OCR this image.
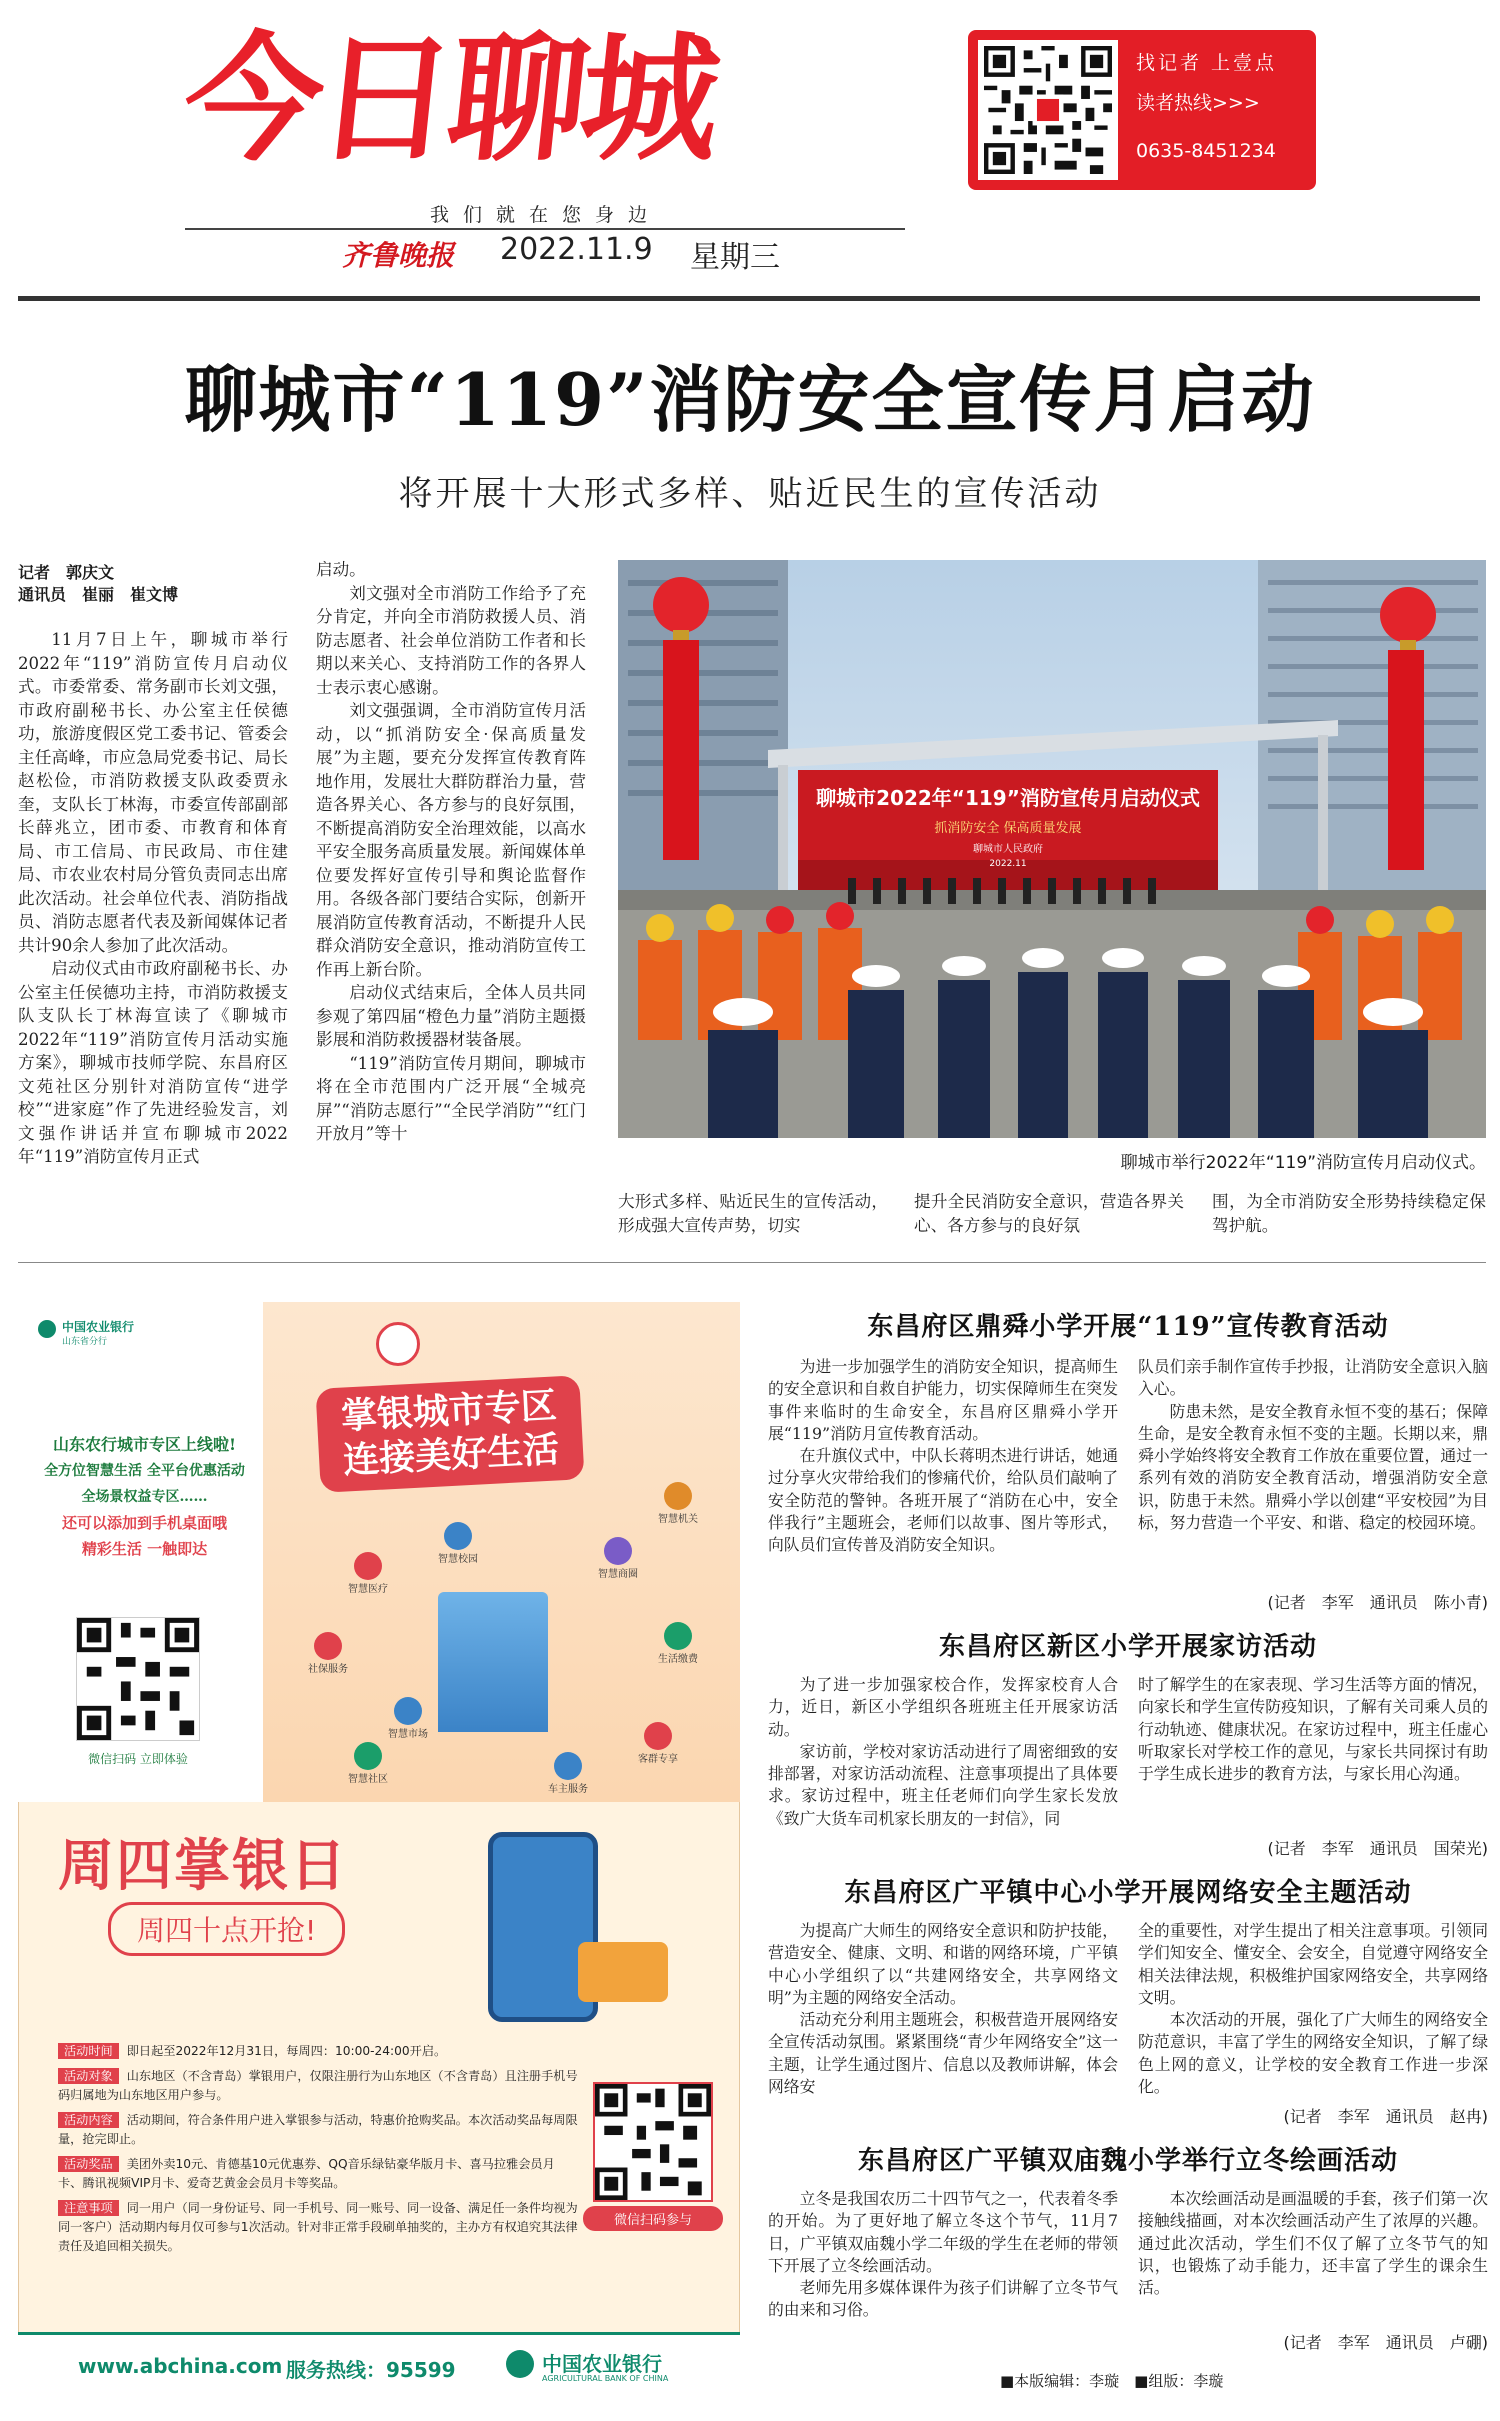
今日聊城
我们就在您身边
齐鲁晚报 2022.11.9 星期三
找记者 上壹点
读者热线>>>
0635-8451234
聊城市“119”消防安全宣传月启动
将开展十大形式多样、贴近民生的宣传活动
记者　郭庆文
通讯员　崔丽　崔文博

11月7日上午，聊城市举行2022年“119”消防宣传月启动仪式。市委常委、常务副市长刘文强，市政府副秘书长、办公室主任侯德功，旅游度假区党工委书记、管委会主任高峰，市应急局党委书记、局长赵松俭，市消防救援支队政委贾永奎，支队长丁林海，市委宣传部副部长薛兆立，团市委、市教育和体育局、市工信局、市民政局、市住建局、市农业农村局分管负责同志出席此次活动。社会单位代表、消防指战员、消防志愿者代表及新闻媒体记者共计90余人参加了此次活动。

启动仪式由市政府副秘书长、办公室主任侯德功主持，市消防救援支队支队长丁林海宣读了《聊城市2022年“119”消防宣传月活动实施方案》，聊城市技师学院、东昌府区文苑社区分别针对消防宣传“进学校”“进家庭”作了先进经验发言，刘文强作讲话并宣布聊城市2022年“119”消防宣传月正式

启动。

刘文强对全市消防工作给予了充分肯定，并向全市消防救援人员、消防志愿者、社会单位消防工作者和长期以来关心、支持消防工作的各界人士表示衷心感谢。

刘文强强调，全市消防宣传月活动，以“抓消防安全·保高质量发展”为主题，要充分发挥宣传教育阵地作用，发展壮大群防群治力量，营造各界关心、各方参与的良好氛围，不断提高消防安全治理效能，以高水平安全服务高质量发展。新闻媒体单位要发挥好宣传引导和舆论监督作用。各级各部门要结合实际，创新开展消防宣传教育活动，不断提升人民群众消防安全意识，推动消防宣传工作再上新台阶。

启动仪式结束后，全体人员共同参观了第四届“橙色力量”消防主题摄影展和消防救援器材装备展。

“119”消防宣传月期间，聊城市将在全市范围内广泛开展“全城亮屏”“消防志愿行”“全民学消防”“红门开放月”等十

聊城市2022年“119”消防宣传月启动仪式
抓消防安全 保高质量发展
聊城市人民政府
2022.11
聊城市举行2022年“119”消防宣传月启动仪式。
大形式多样、贴近民生的宣传活动，形成强大宣传声势，切实
提升全民消防安全意识，营造各界关心、各方参与的良好氛
围，为全市消防安全形势持续稳定保驾护航。
中国农业银行
山东省分行
掌银城市专区
连接美好生活
山东农行城市专区上线啦!
全方位智慧生活 全平台优惠活动
全场景权益专区……
还可以添加到手机桌面哦
精彩生活 一触即达
微信扫码 立即体验
智慧医疗
智慧校园
智慧商圈
智慧机关
社保服务
生活缴费
智慧市场
智慧社区
客群专享
车主服务
周四掌银日
周四十点开抢!
活动时间 即日起至2022年12月31日，每周四：10:00-24:00开启。
活动对象 山东地区（不含青岛）掌银用户，仅限注册行为山东地区（不含青岛）且注册手机号码归属地为山东地区用户参与。
活动内容 活动期间，符合条件用户进入掌银参与活动，特惠价抢购奖品。本次活动奖品每周限量，抢完即止。
活动奖品 美团外卖10元、肯德基10元优惠券、QQ音乐绿钻豪华版月卡、喜马拉雅会员月卡、腾讯视频VIP月卡、爱奇艺黄金会员月卡等奖品。
注意事项 同一用户（同一身份证号、同一手机号、同一账号、同一设备、满足任一条件均视为同一客户）活动期内每月仅可参与1次活动。针对非正常手段刷单抽奖的，主办方有权追究其法律责任及追回相关损失。
微信扫码参与
www.abchina.com 服务热线：95599	中国农业银行
AGRICULTURAL BANK OF CHINA
东昌府区鼎舜小学开展“119”宣传教育活动

为进一步加强学生的消防安全知识，提高师生的安全意识和自救自护能力，切实保障师生在突发事件来临时的生命安全，东昌府区鼎舜小学开展“119”消防月宣传教育活动。

在升旗仪式中，中队长蒋明杰进行讲话，她通过分享火灾带给我们的惨痛代价，给队员们敲响了安全防范的警钟。各班开展了“消防在心中，安全伴我行”主题班会，老师们以故事、图片等形式，向队员们宣传普及消防安全知识。

队员们亲手制作宣传手抄报，让消防安全意识入脑入心。

防患未然，是安全教育永恒不变的基石；保障生命，是安全教育永恒不变的主题。长期以来，鼎舜小学始终将安全教育工作放在重要位置，通过一系列有效的消防安全教育活动，增强消防安全意识，防患于未然。鼎舜小学以创建“平安校园”为目标，努力营造一个平安、和谐、稳定的校园环境。

(记者　李军　通讯员　陈小青)
东昌府区新区小学开展家访活动

为了进一步加强家校合作，发挥家校育人合力，近日，新区小学组织各班班主任开展家访活动。

家访前，学校对家访活动进行了周密细致的安排部署，对家访活动流程、注意事项提出了具体要求。家访过程中，班主任老师们向学生家长发放《致广大货车司机家长朋友的一封信》，同

时了解学生的在家表现、学习生活等方面的情况，向家长和学生宣传防疫知识，了解有关司乘人员的行动轨迹、健康状况。在家访过程中，班主任虚心听取家长对学校工作的意见，与家长共同探讨有助于学生成长进步的教育方法，与家长用心沟通。

(记者　李军　通讯员　国荣光)
东昌府区广平镇中心小学开展网络安全主题活动

为提高广大师生的网络安全意识和防护技能，营造安全、健康、文明、和谐的网络环境，广平镇中心小学组织了以“共建网络安全，共享网络文明”为主题的网络安全活动。

活动充分利用主题班会，积极营造开展网络安全宣传活动氛围。紧紧围绕“青少年网络安全”这一主题，让学生通过图片、信息以及教师讲解，体会网络安

全的重要性，对学生提出了相关注意事项。引领同学们知安全、懂安全、会安全，自觉遵守网络安全相关法律法规，积极维护国家网络安全，共享网络文明。

本次活动的开展，强化了广大师生的网络安全防范意识，丰富了学生的网络安全知识，了解了绿色上网的意义，让学校的安全教育工作进一步深化。

(记者　李军　通讯员　赵冉)
东昌府区广平镇双庙魏小学举行立冬绘画活动

立冬是我国农历二十四节气之一，代表着冬季的开始。为了更好地了解立冬这个节气，11月7日，广平镇双庙魏小学二年级的学生在老师的带领下开展了立冬绘画活动。

老师先用多媒体课件为孩子们讲解了立冬节气的由来和习俗。

本次绘画活动是画温暖的手套，孩子们第一次接触线描画，对本次绘画活动产生了浓厚的兴趣。通过此次活动，学生们不仅了解了立冬节气的知识，也锻炼了动手能力，还丰富了学生的课余生活。

(记者　李军　通讯员　卢硼)
■本版编辑：李璇　■组版：李璇
